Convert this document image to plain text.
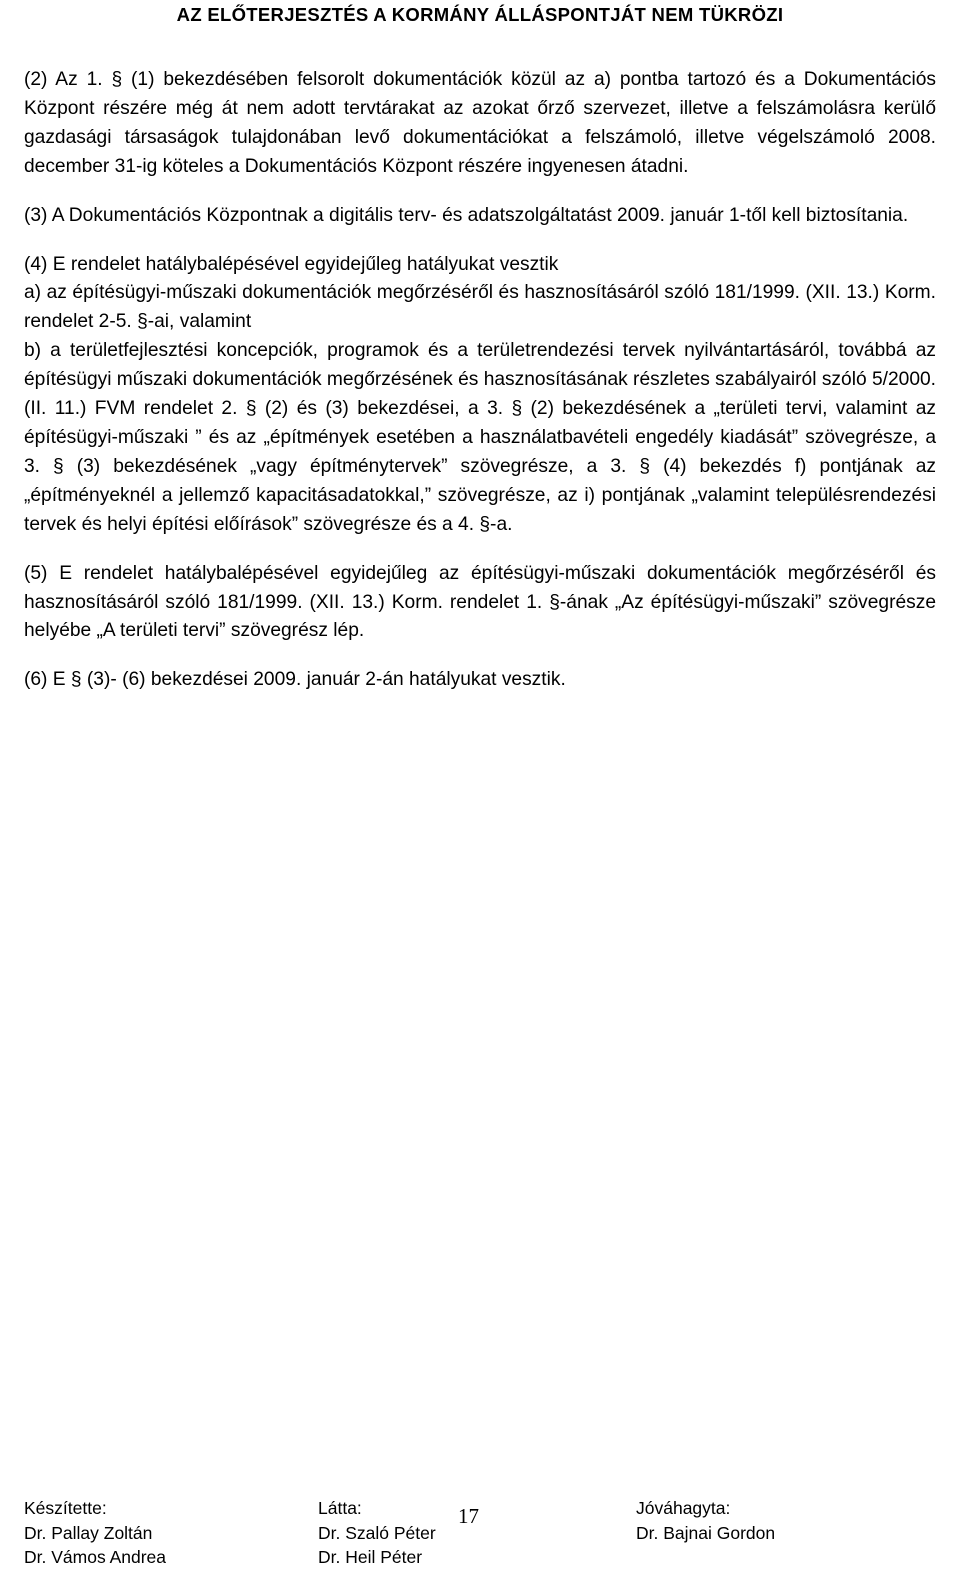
AZ ELŐTERJESZTÉS A KORMÁNY ÁLLÁSPONTJÁT NEM TÜKRÖZI

(2) Az 1. § (1) bekezdésében felsorolt dokumentációk közül az a) pontba tartozó és a Dokumentációs Központ részére még át nem adott tervtárakat az azokat őrző szervezet, illetve a felszámolásra kerülő gazdasági társaságok tulajdonában levő dokumentációkat a felszámoló, illetve végelszámoló 2008. december 31-ig köteles a Dokumentációs Központ részére ingyenesen átadni.

(3) A Dokumentációs Központnak a digitális terv- és adatszolgáltatást 2009. január 1-től kell biztosítania.

(4) E rendelet hatálybalépésével egyidejűleg hatályukat vesztik
a) az építésügyi-műszaki dokumentációk megőrzéséről és hasznosításáról szóló 181/1999. (XII. 13.) Korm. rendelet 2-5. §-ai, valamint
b) a területfejlesztési koncepciók, programok és a területrendezési tervek nyilvántartásáról, továbbá az építésügyi műszaki dokumentációk megőrzésének és hasznosításának részletes szabályairól szóló 5/2000. (II. 11.) FVM rendelet 2. § (2) és (3) bekezdései, a 3. § (2) bekezdésének a „területi tervi, valamint az építésügyi-műszaki ” és az „építmények esetében a használatbavételi engedély kiadását” szövegrésze, a 3. § (3) bekezdésének „vagy építménytervek” szövegrésze, a 3. § (4) bekezdés f) pontjának az „építményeknél a jellemző kapacitásadatokkal,” szövegrésze, az i) pontjának „valamint településrendezési tervek és helyi építési előírások” szövegrésze és a 4. §-a.

(5) E rendelet hatálybalépésével egyidejűleg az építésügyi-műszaki dokumentációk megőrzéséről és hasznosításáról szóló 181/1999. (XII. 13.) Korm. rendelet 1. §-ának „Az építésügyi-műszaki” szövegrésze helyébe „A területi tervi” szövegrész lép.

(6) E § (3)- (6) bekezdései 2009. január 2-án hatályukat vesztik.

Készítette:
Dr. Pallay Zoltán
Dr. Vámos Andrea
Látta:
Dr. Szaló Péter
Dr. Heil Péter
17	Jóváhagyta:
Dr. Bajnai Gordon
